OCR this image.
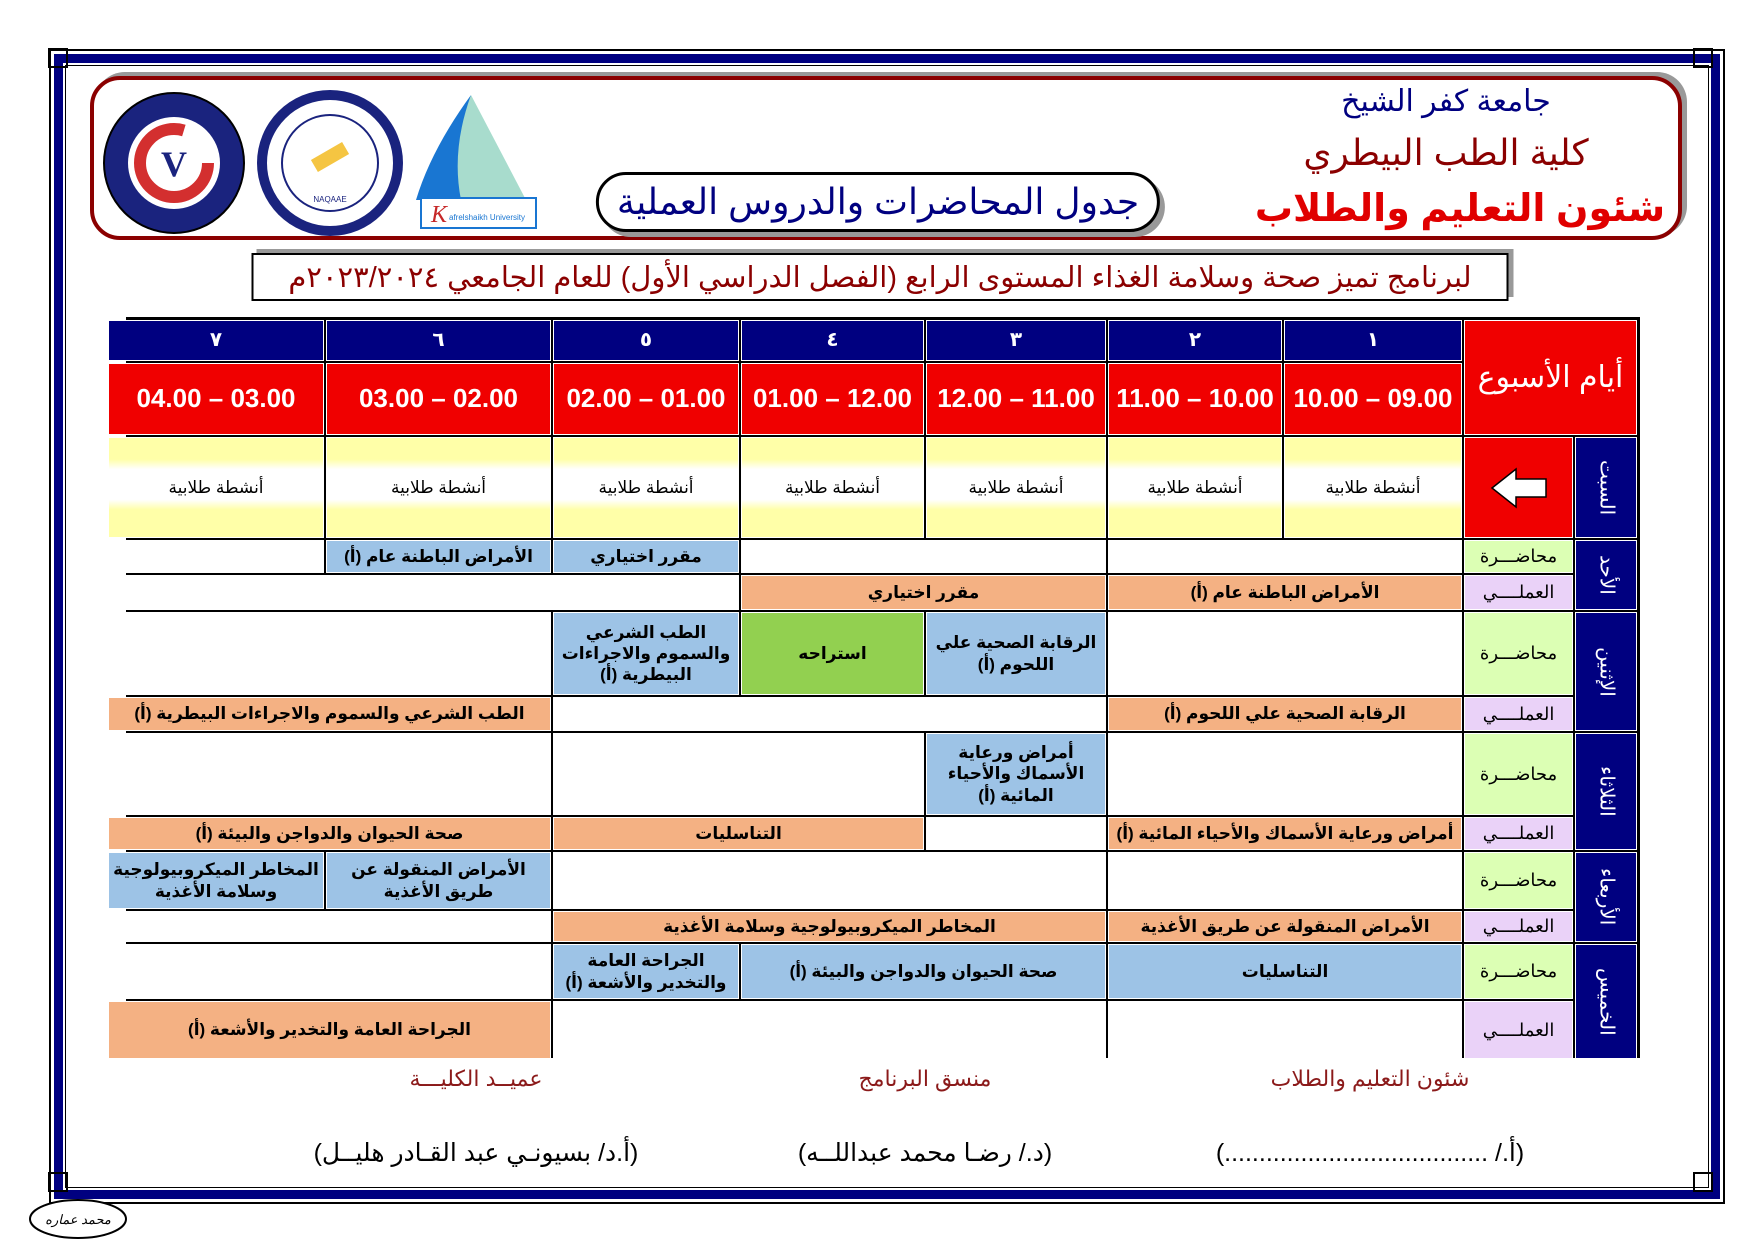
جامعة كفر الشيخ
كلية الطب البيطري
شئون التعليم والطلاب
V
NAQAAE
K afrelshaikh University	جدول المحاضرات والدروس العملية
لبرنامج تميز صحة وسلامة الغذاء المستوى الرابع (الفصل الدراسي الأول) للعام الجامعي ٢٠٢٣/٢٠٢٤م
أيام الأسبوع
١
٢
٣
٤
٥
٦
٧
10.00 – 09.00
11.00 – 10.00
12.00 – 11.00
01.00 – 12.00
02.00 – 01.00
03.00 – 02.00
04.00 – 03.00
السبت
أنشطة طلابية
أنشطة طلابية
أنشطة طلابية
أنشطة طلابية
أنشطة طلابية
أنشطة طلابية
أنشطة طلابية
الأحد
محاضـــرة
العملــــي
مقرر اختياري
الأمراض الباطنة عام (أ)
الأمراض الباطنة عام (أ)
مقرر اختياري
الإثنين
محاضـــرة
العملــــي
الرقابة الصحية علي اللحوم (أ)
استراحه
الطب الشرعي والسموم والاجراءات البيطرية (أ)
الرقابة الصحية علي اللحوم (أ)
الطب الشرعي والسموم والاجراءات البيطرية (أ)
الثلاثاء
محاضـــرة
العملــــي
أمراض ورعاية الأسماك والأحياء المائية (أ)
أمراض ورعاية الأسماك والأحياء المائية (أ)
التناسليات
صحة الحيوان والدواجن والبيئة (أ)
الأربعاء
محاضـــرة
العملــــي
الأمراض المنقولة عن طريق الأغذية
المخاطر الميكروبيولوجية وسلامة الأغذية
الأمراض المنقولة عن طريق الأغذية
المخاطر الميكروبيولوجية وسلامة الأغذية
الخميس
محاضـــرة
العملــــي
التناسليات
صحة الحيوان والدواجن والبيئة (أ)
الجراحة العامة والتخدير والأشعة (أ)
الجراحة العامة والتخدير والأشعة (أ)
شئون التعليم والطلاب
(أ./ ......................................)
منسق البرنامج
(د./ رضـا محمد عبداللــه)
عميــد الكليـــة
(أ.د/ بسيونـي عبد القـادر هليــل)
محمد عماره
